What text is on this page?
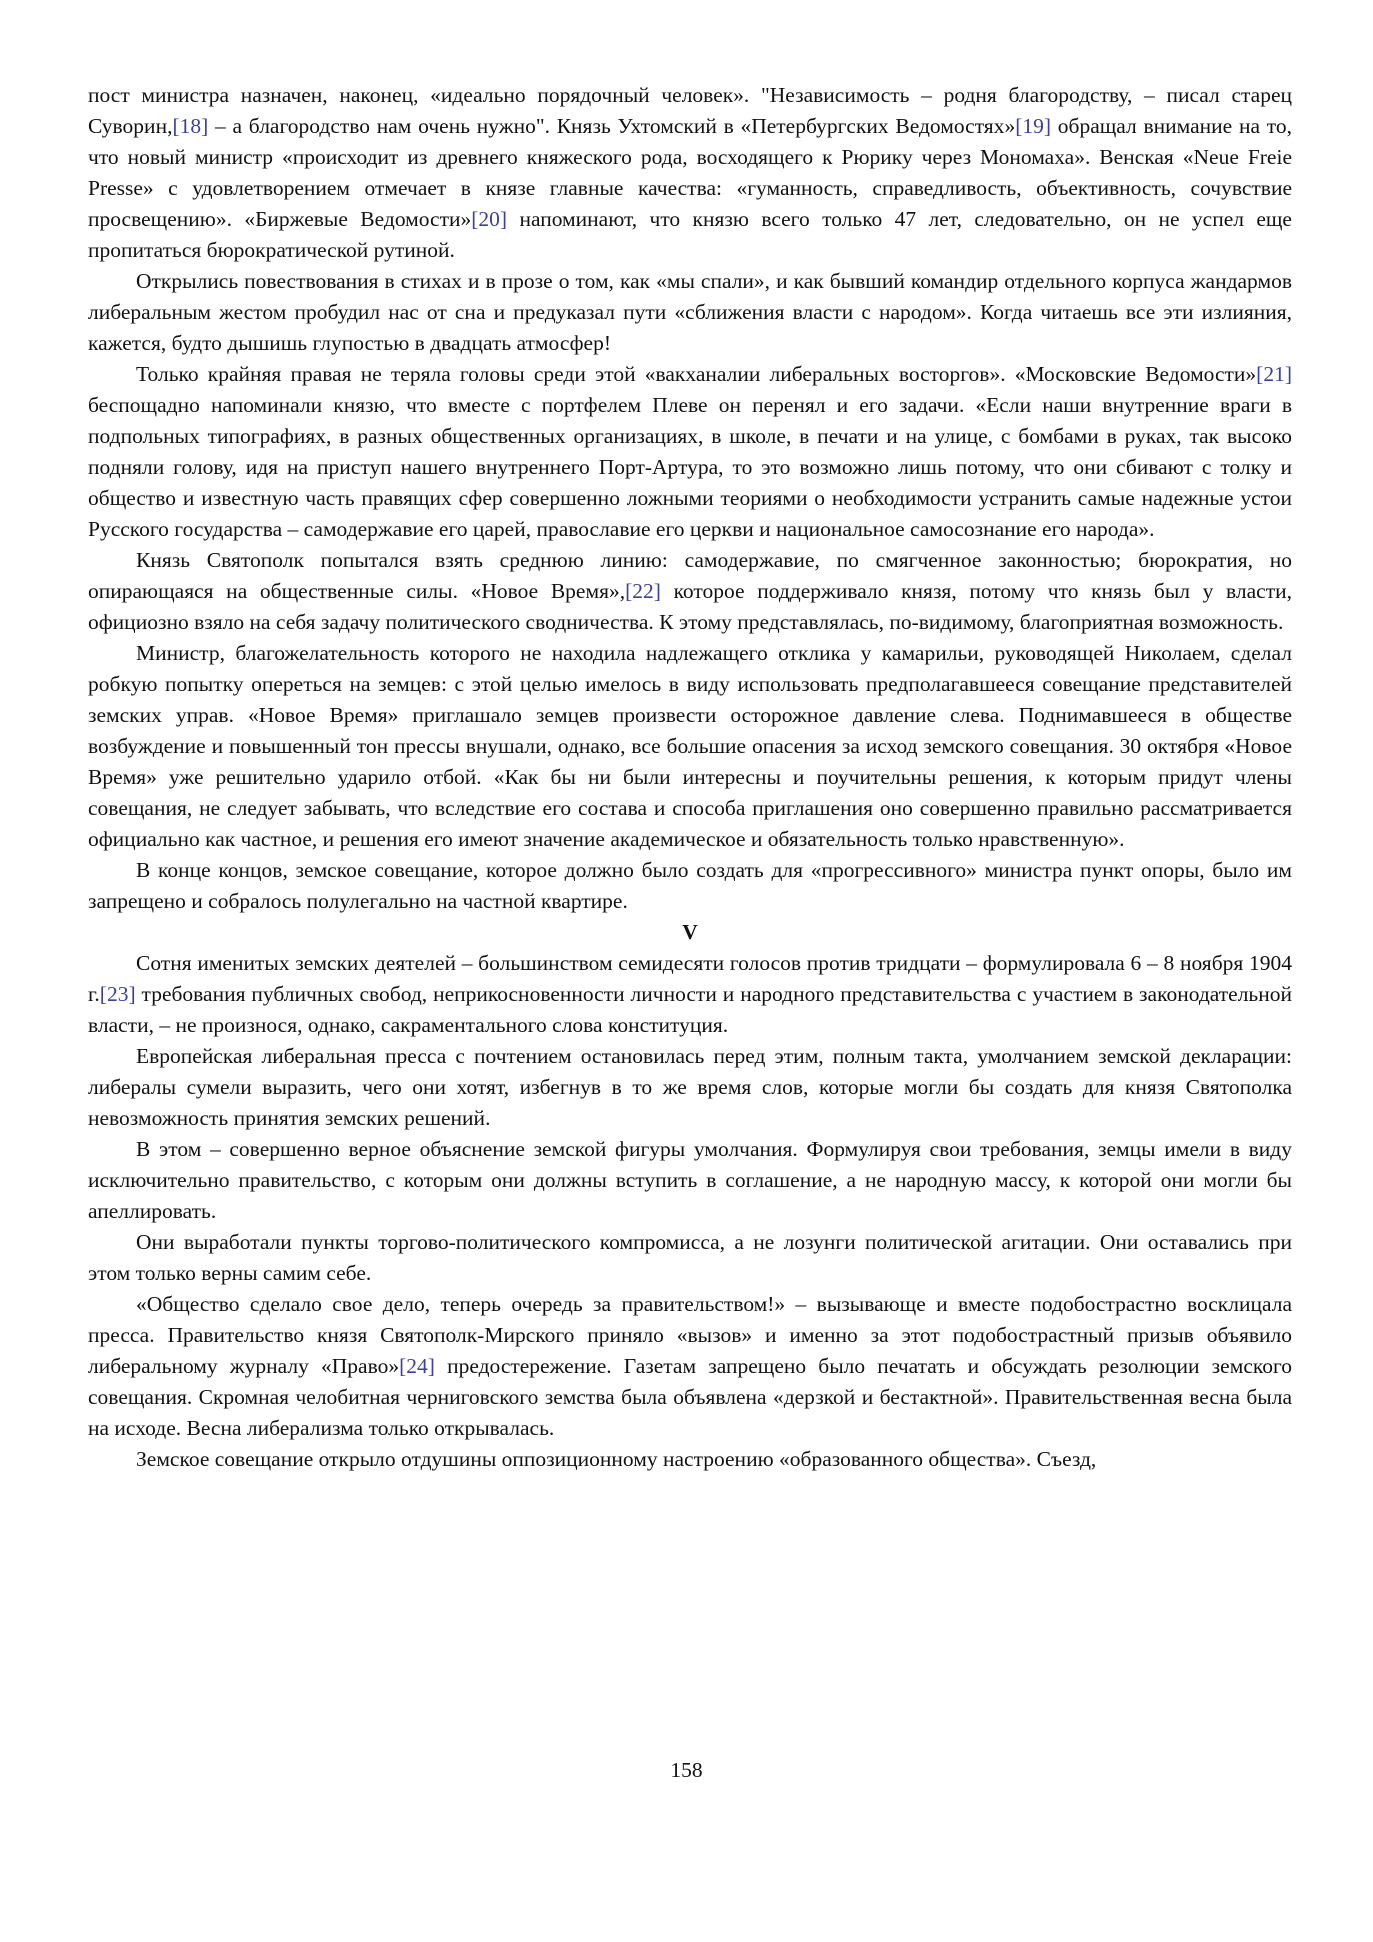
пост министра назначен, наконец, «идеально порядочный человек». "Независимость – родня благородству, – писал старец Суворин,[18] – а благородство нам очень нужно". Князь Ухтомский в «Петербургских Ведомостях»[19] обращал внимание на то, что новый министр «происходит из древнего княжеского рода, восходящего к Рюрику через Мономаха». Венская «Neue Freie Presse» с удовлетворением отмечает в князе главные качества: «гуманность, справедливость, объективность, сочувствие просвещению». «Биржевые Ведомости»[20] напоминают, что князю всего только 47 лет, следовательно, он не успел еще пропитаться бюрократической рутиной.

Открылись повествования в стихах и в прозе о том, как «мы спали», и как бывший командир отдельного корпуса жандармов либеральным жестом пробудил нас от сна и предуказал пути «сближения власти с народом». Когда читаешь все эти излияния, кажется, будто дышишь глупостью в двадцать атмосфер!

Только крайняя правая не теряла головы среди этой «вакханалии либеральных восторгов». «Московские Ведомости»[21] беспощадно напоминали князю, что вместе с портфелем Плеве он перенял и его задачи. «Если наши внутренние враги в подпольных типографиях, в разных общественных организациях, в школе, в печати и на улице, с бомбами в руках, так высоко подняли голову, идя на приступ нашего внутреннего Порт-Артура, то это возможно лишь потому, что они сбивают с толку и общество и известную часть правящих сфер совершенно ложными теориями о необходимости устранить самые надежные устои Русского государства – самодержавие его царей, православие его церкви и национальное самосознание его народа».

Князь Святополк попытался взять среднюю линию: самодержавие, по смягченное законностью; бюрократия, но опирающаяся на общественные силы. «Новое Время»,[22] которое поддерживало князя, потому что князь был у власти, официозно взяло на себя задачу политического сводничества. К этому представлялась, по-видимому, благоприятная возможность.

Министр, благожелательность которого не находила надлежащего отклика у камарильи, руководящей Николаем, сделал робкую попытку опереться на земцев: с этой целью имелось в виду использовать предполагавшееся совещание представителей земских управ. «Новое Время» приглашало земцев произвести осторожное давление слева. Поднимавшееся в обществе возбуждение и повышенный тон прессы внушали, однако, все большие опасения за исход земского совещания. 30 октября «Новое Время» уже решительно ударило отбой. «Как бы ни были интересны и поучительны решения, к которым придут члены совещания, не следует забывать, что вследствие его состава и способа приглашения оно совершенно правильно рассматривается официально как частное, и решения его имеют значение академическое и обязательность только нравственную».

В конце концов, земское совещание, которое должно было создать для «прогрессивного» министра пункт опоры, было им запрещено и собралось полулегально на частной квартире.

V

Сотня именитых земских деятелей – большинством семидесяти голосов против тридцати – формулировала 6 – 8 ноября 1904 г.[23] требования публичных свобод, неприкосновенности личности и народного представительства с участием в законодательной власти, – не произнося, однако, сакраментального слова конституция.

Европейская либеральная пресса с почтением остановилась перед этим, полным такта, умолчанием земской декларации: либералы сумели выразить, чего они хотят, избегнув в то же время слов, которые могли бы создать для князя Святополка невозможность принятия земских решений.

В этом – совершенно верное объяснение земской фигуры умолчания. Формулируя свои требования, земцы имели в виду исключительно правительство, с которым они должны вступить в соглашение, а не народную массу, к которой они могли бы апеллировать.

Они выработали пункты торгово-политического компромисса, а не лозунги политической агитации. Они оставались при этом только верны самим себе.

«Общество сделало свое дело, теперь очередь за правительством!» – вызывающе и вместе подобострастно восклицала пресса. Правительство князя Святополк-Мирского приняло «вызов» и именно за этот подобострастный призыв объявило либеральному журналу «Право»[24] предостережение. Газетам запрещено было печатать и обсуждать резолюции земского совещания. Скромная челобитная черниговского земства была объявлена «дерзкой и бестактной». Правительственная весна была на исходе. Весна либерализма только открывалась.

Земское совещание открыло отдушины оппозиционному настроению «образованного общества». Съезд,

158
